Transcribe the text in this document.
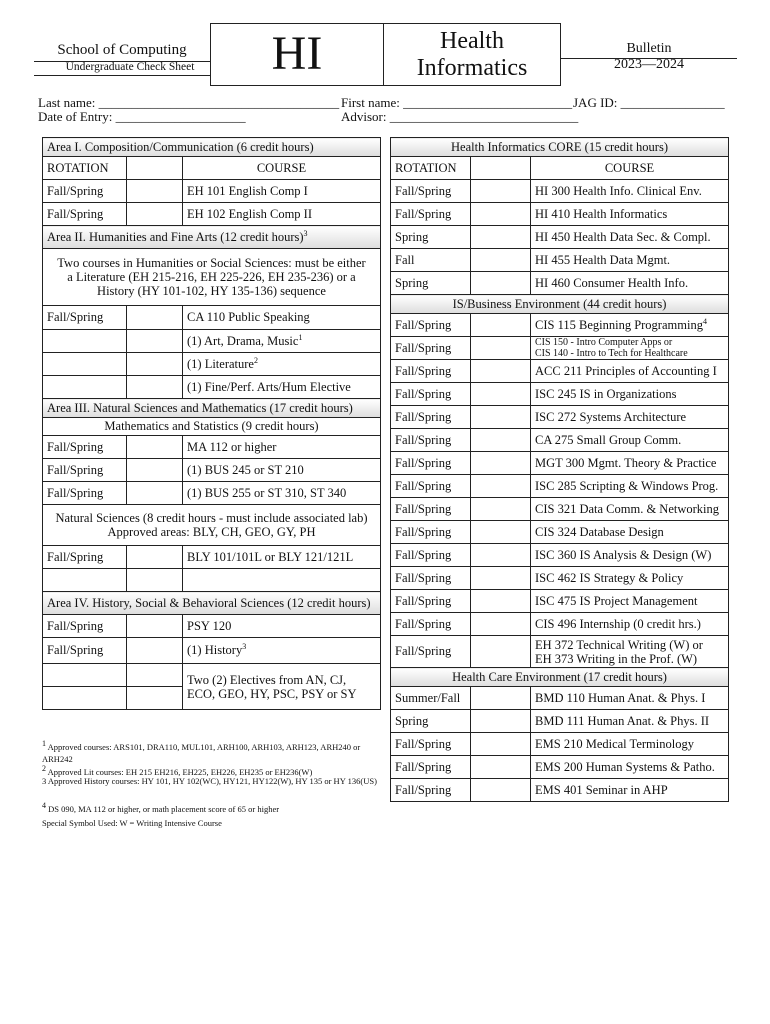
School of Computing
Undergraduate Check Sheet	HI	Health Informatics
Bulletin
2023—2024
Last name: _____________________________________ First name: __________________________ JAG ID: ________________
Date of Entry: ____________________	Advisor: _____________________________
Area I. Composition/Communication (6 credit hours)		
ROTATION		COURSE
Fall/Spring		EH 101 English Comp I
Fall/Spring		EH 102 English Comp II
Area II. Humanities and Fine Arts (12 credit hours)$^3$
Two courses in Humanities or Social Sciences: must be either a Literature (EH 215-216, EH 225-226, EH 235-236) or a History (HY 101-102, HY 135-136) sequence		
Fall/Spring		CA 110 Public Speaking
		(1) Art, Drama, Music$^1$
		(1) Literature$^2$
		(1) Fine/Perf. Arts/Hum Elective
Area III. Natural Sciences and Mathematics (17 credit hours)		
Mathematics and Statistics (9 credit hours)		
Fall/Spring		MA 112 or higher
Fall/Spring		(1) BUS 245 or ST 210
Fall/Spring		(1) BUS 255 or ST 310, ST 340

Natural Sciences (8 credit hours - must include associated lab)
Approved areas: BLY, CH, GEO, GY, PH		

Fall/Spring		BLY 101/101L or BLY 121/121L

Area IV. History, Social & Behavioral Sciences (12 credit hours)		
Fall/Spring		PSY 120
Fall/Spring		(1) History$^3$
		Two (2) Electives from AN, CJ, ECO, GEO, HY, PSC, PSY or SY

$^1$ Approved courses: ARS101, DRA110, MUL101, ARH100, ARH103, ARH123, ARH240 or ARH242
$^2$ Approved Lit courses: EH 215 EH216, EH225, EH226, EH235 or EH236(W)
3 Approved History courses: HY 101, HY 102(WC), HY121, HY122(W), HY 135 or HY 136(US)
$^4$ DS 090, MA 112 or higher, or math placement score of 65 or higher
Special Symbol Used: W = Writing Intensive Course
Health Informatics CORE (15 credit hours)		
ROTATION		COURSE
Fall/Spring		HI 300 Health Info. Clinical Env.
Fall/Spring		HI 410 Health Informatics
Spring		HI 450 Health Data Sec. & Compl.
Fall		HI 455 Health Data Mgmt.
Spring		HI 460 Consumer Health Info.
IS/Business Environment (44 credit hours)		
Fall/Spring		CIS 115 Beginning Programming$^4$
Fall/Spring		CIS 150 - Intro Computer Apps or
CIS 140 - Intro to Tech for Healthcare

Fall/Spring		ACC 211 Principles of Accounting I
Fall/Spring		ISC 245 IS in Organizations
Fall/Spring		ISC 272 Systems Architecture
Fall/Spring		CA 275 Small Group Comm.
Fall/Spring		MGT 300 Mgmt. Theory & Practice
Fall/Spring		ISC 285 Scripting & Windows Prog.
Fall/Spring		CIS 321 Data Comm. & Networking
Fall/Spring		CIS 324 Database Design
Fall/Spring		ISC 360 IS Analysis & Design (W)
Fall/Spring		ISC 462 IS Strategy & Policy
Fall/Spring		ISC 475 IS Project Management
Fall/Spring		CIS 496 Internship (0 credit hrs.)
Fall/Spring		EH 372 Technical Writing (W) or
EH 373 Writing in the Prof. (W)

Health Care Environment (17 credit hours)		
Summer/Fall		BMD 110 Human Anat. & Phys. I
Spring		BMD 111 Human Anat. & Phys. II
Fall/Spring		EMS 210 Medical Terminology
Fall/Spring		EMS 200 Human Systems & Patho.
Fall/Spring		EMS 401 Seminar in AHP
